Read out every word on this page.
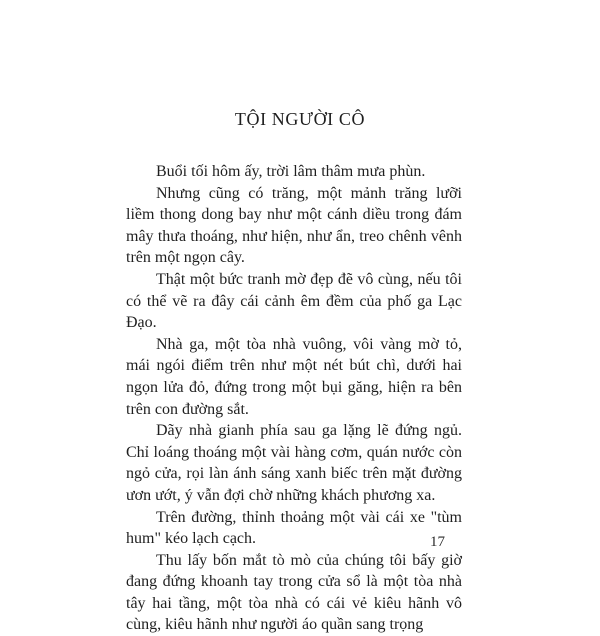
TỘI NGƯỜI CÔ

Buổi tối hôm ấy, trời lâm thâm mưa phùn.

Nhưng cũng có trăng, một mảnh trăng lưỡi liềm thong dong bay như một cánh diều trong đám mây thưa thoáng, như hiện, như ẩn, treo chênh vênh trên một ngọn cây.

Thật một bức tranh mờ đẹp đẽ vô cùng, nếu tôi có thể vẽ ra đây cái cảnh êm đềm của phố ga Lạc Đạo.

Nhà ga, một tòa nhà vuông, vôi vàng mờ tỏ, mái ngói điểm trên như một nét bút chì, dưới hai ngọn lửa đỏ, đứng trong một bụi găng, hiện ra bên trên con đường sắt.

Dãy nhà gianh phía sau ga lặng lẽ đứng ngủ. Chỉ loáng thoáng một vài hàng cơm, quán nước còn ngỏ cửa, rọi làn ánh sáng xanh biếc trên mặt đường ươn ướt, ý vẫn đợi chờ những khách phương xa.

Trên đường, thỉnh thoảng một vài cái xe "tùm hum" kéo lạch cạch.

Thu lấy bốn mắt tò mò của chúng tôi bấy giờ đang đứng khoanh tay trong cửa sổ là một tòa nhà tây hai tầng, một tòa nhà có cái vẻ kiêu hãnh vô cùng, kiêu hãnh như người áo quần sang trọng

17
